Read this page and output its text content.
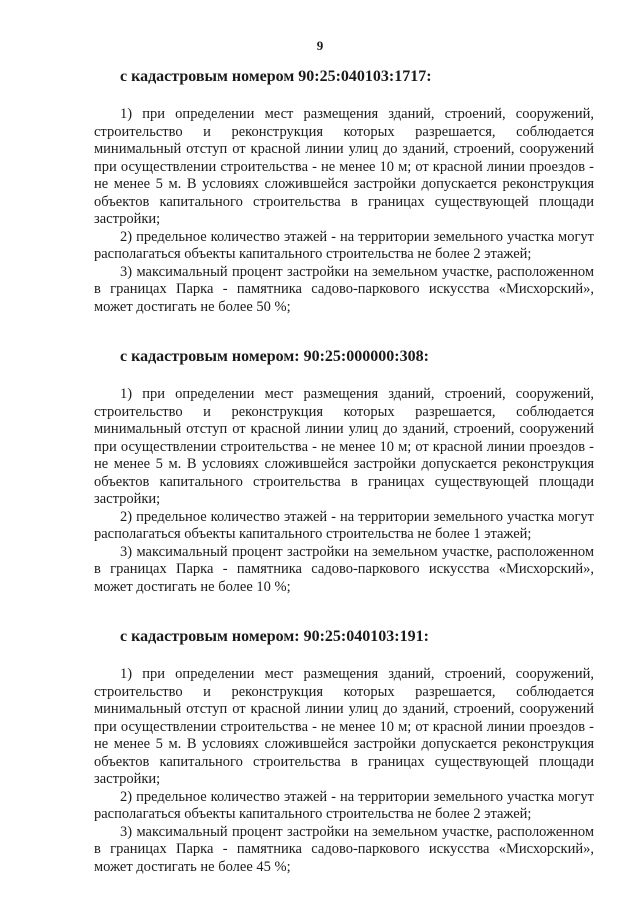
9
с кадастровым номером 90:25:040103:1717:

1) при определении мест размещения зданий, строений, сооружений, строительство и реконструкция которых разрешается, соблюдается минимальный отступ от красной линии улиц до зданий, строений, сооружений при осуществлении строительства - не менее 10 м; от красной линии проездов - не менее 5 м. В условиях сложившейся застройки допускается реконструкция объектов капитального строительства в границах существующей площади застройки;

2) предельное количество этажей - на территории земельного участка могут располагаться объекты капитального строительства не более 2 этажей;

3) максимальный процент застройки на земельном участке, расположенном в границах Парка - памятника садово-паркового искусства «Мисхорский», может достигать не более 50 %;

с кадастровым номером: 90:25:000000:308:

1) при определении мест размещения зданий, строений, сооружений, строительство и реконструкция которых разрешается, соблюдается минимальный отступ от красной линии улиц до зданий, строений, сооружений при осуществлении строительства - не менее 10 м; от красной линии проездов - не менее 5 м. В условиях сложившейся застройки допускается реконструкция объектов капитального строительства в границах существующей площади застройки;

2) предельное количество этажей - на территории земельного участка могут располагаться объекты капитального строительства не более 1 этажей;

3) максимальный процент застройки на земельном участке, расположенном в границах Парка - памятника садово-паркового искусства «Мисхорский», может достигать не более 10 %;

с кадастровым номером: 90:25:040103:191:

1) при определении мест размещения зданий, строений, сооружений, строительство и реконструкция которых разрешается, соблюдается минимальный отступ от красной линии улиц до зданий, строений, сооружений при осуществлении строительства - не менее 10 м; от красной линии проездов - не менее 5 м. В условиях сложившейся застройки допускается реконструкция объектов капитального строительства в границах существующей площади застройки;

2) предельное количество этажей - на территории земельного участка могут располагаться объекты капитального строительства не более 2 этажей;

3) максимальный процент застройки на земельном участке, расположенном в границах Парка - памятника садово-паркового искусства «Мисхорский», может достигать не более 45 %;
